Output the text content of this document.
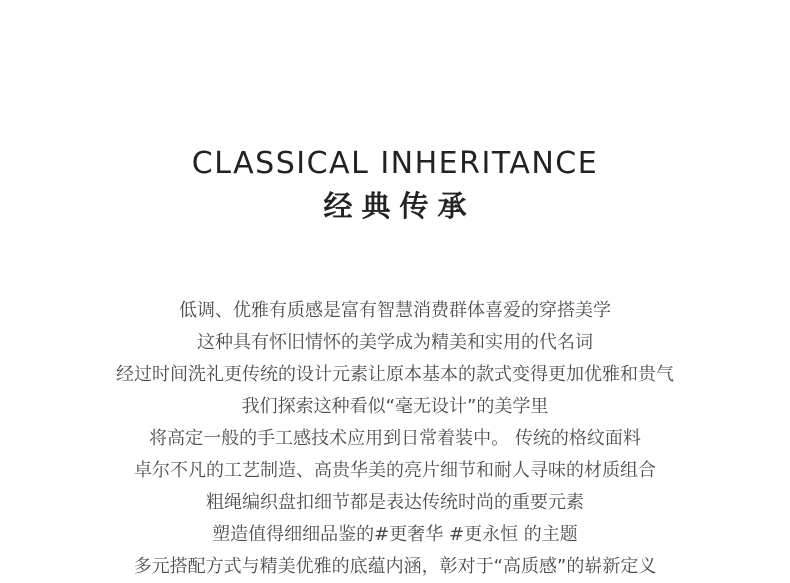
CLASSICAL INHERITANCE
经典传承
低调、优雅有质感是富有智慧消费群体喜爱的穿搭美学
这种具有怀旧情怀的美学成为精美和实用的代名词
经过时间洗礼更传统的设计元素让原本基本的款式变得更加优雅和贵气
我们探索这种看似“毫无设计”的美学里
将高定一般的手工感技术应用到日常着装中。 传统的格纹面料
卓尔不凡的工艺制造、高贵华美的亮片细节和耐人寻味的材质组合
粗绳编织盘扣细节都是表达传统时尚的重要元素
塑造值得细细品鉴的#更奢华 #更永恒 的主题
多元搭配方式与精美优雅的底蕴内涵，彰对于“高质感”的崭新定义
